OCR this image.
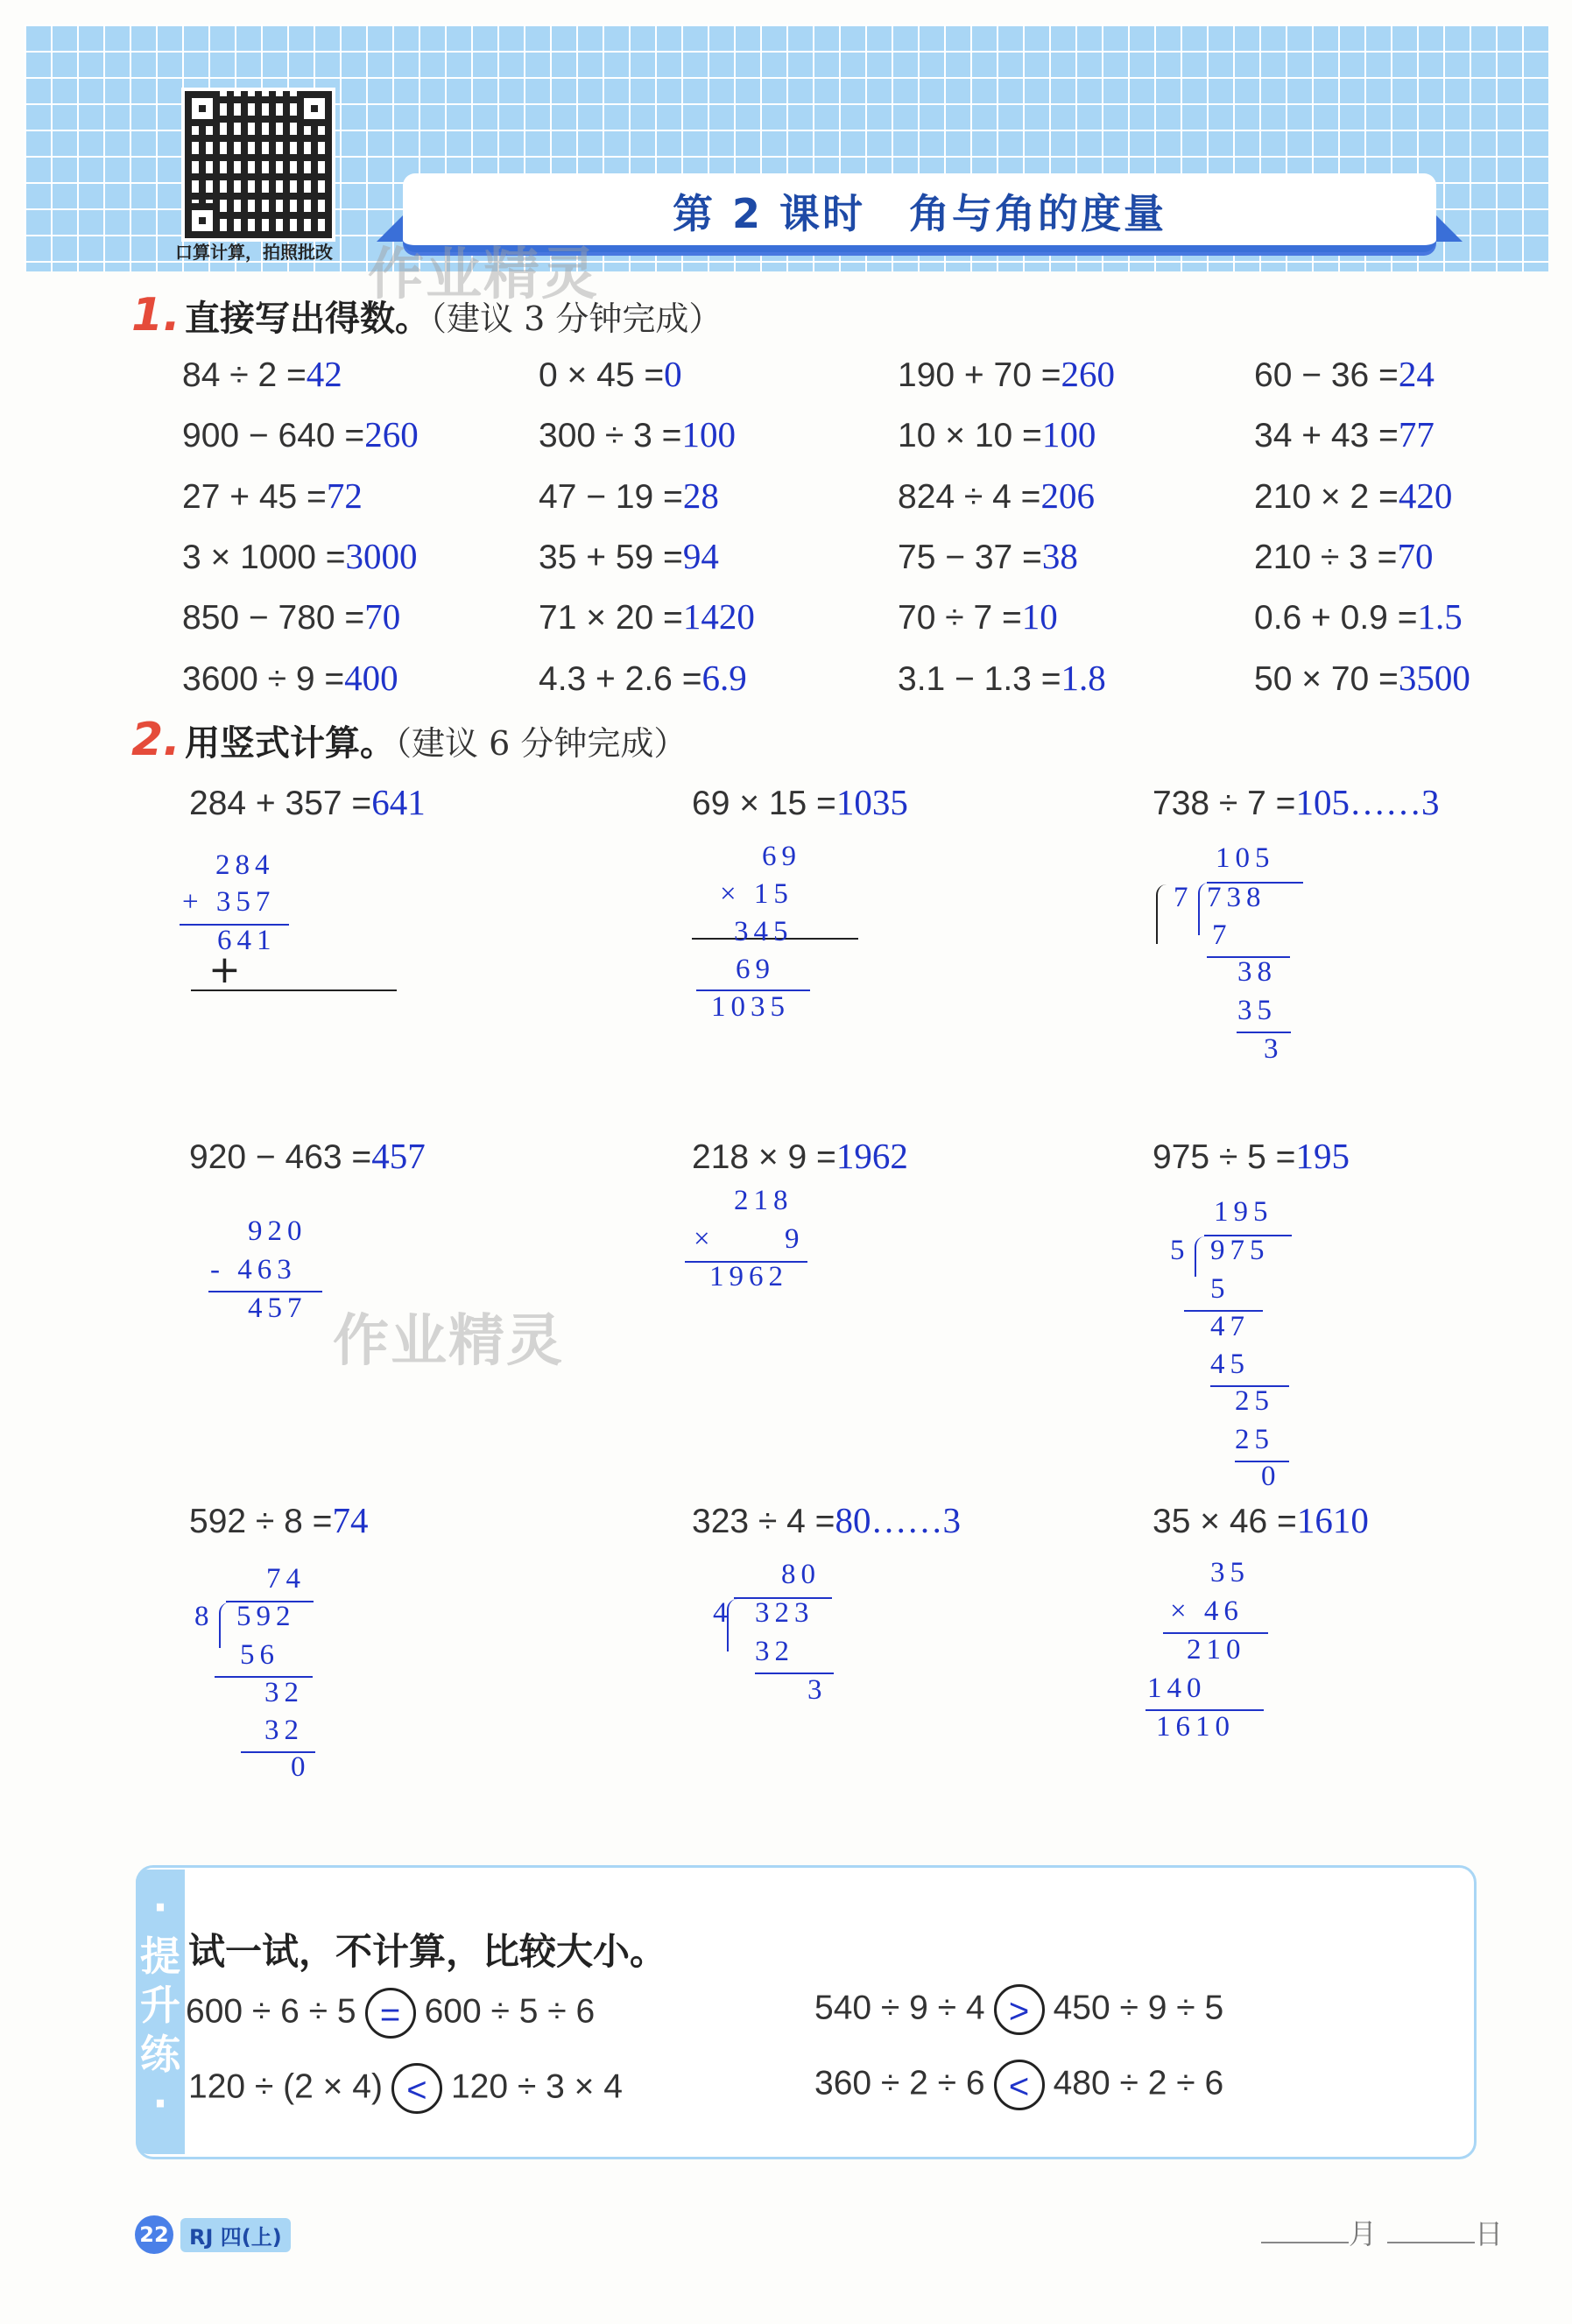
口算计算，拍照批改
第 2 课时 角与角的度量
作业精灵
1. 直接写出得数。（建议 3 分钟完成）
84 ÷ 2 =42	0 × 45 =0	190 + 70 =260	60 − 36 =24
900 − 640 =260	300 ÷ 3 =100	10 × 10 =100	34 + 43 =77
27 + 45 =72	47 − 19 =28	824 ÷ 4 =206	210 × 2 =420
3 × 1000 =3000	35 + 59 =94	75 − 37 =38	210 ÷ 3 =70
850 − 780 =70	71 × 20 =1420	70 ÷ 7 =10	0.6 + 0.9 =1.5
3600 ÷ 9 =400	4.3 + 2.6 =6.9	3.1 − 1.3 =1.8	50 × 70 =3500
2. 用竖式计算。（建议 6 分钟完成）
284 + 357 =641	69 × 15 =1035	738 ÷ 7 =105……3
920 − 463 =457	218 × 9 =1962	975 ÷ 5 =195
592 ÷ 8 =74	323 ÷ 4 =80……3	35 × 46 =1610
284
+ 357
641
+
69
× 15
345
69
1035
105
7 738
7
38
35
3
920
- 463
457
作业精灵
218
× 9
1962
195
5 975
5
47
45
25
25
0
74
8 592
56
32
32
0
80
4 323
32
3
35
× 46
210
140
1610
·提升练·
试一试，不计算，比较大小。
600 ÷ 6 ÷ 5 = 600 ÷ 5 ÷ 6	540 ÷ 9 ÷ 4 > 450 ÷ 9 ÷ 5
120 ÷ (2 × 4) < 120 ÷ 3 × 4	360 ÷ 2 ÷ 6 < 480 ÷ 2 ÷ 6
22 RJ 四(上)	月	日
